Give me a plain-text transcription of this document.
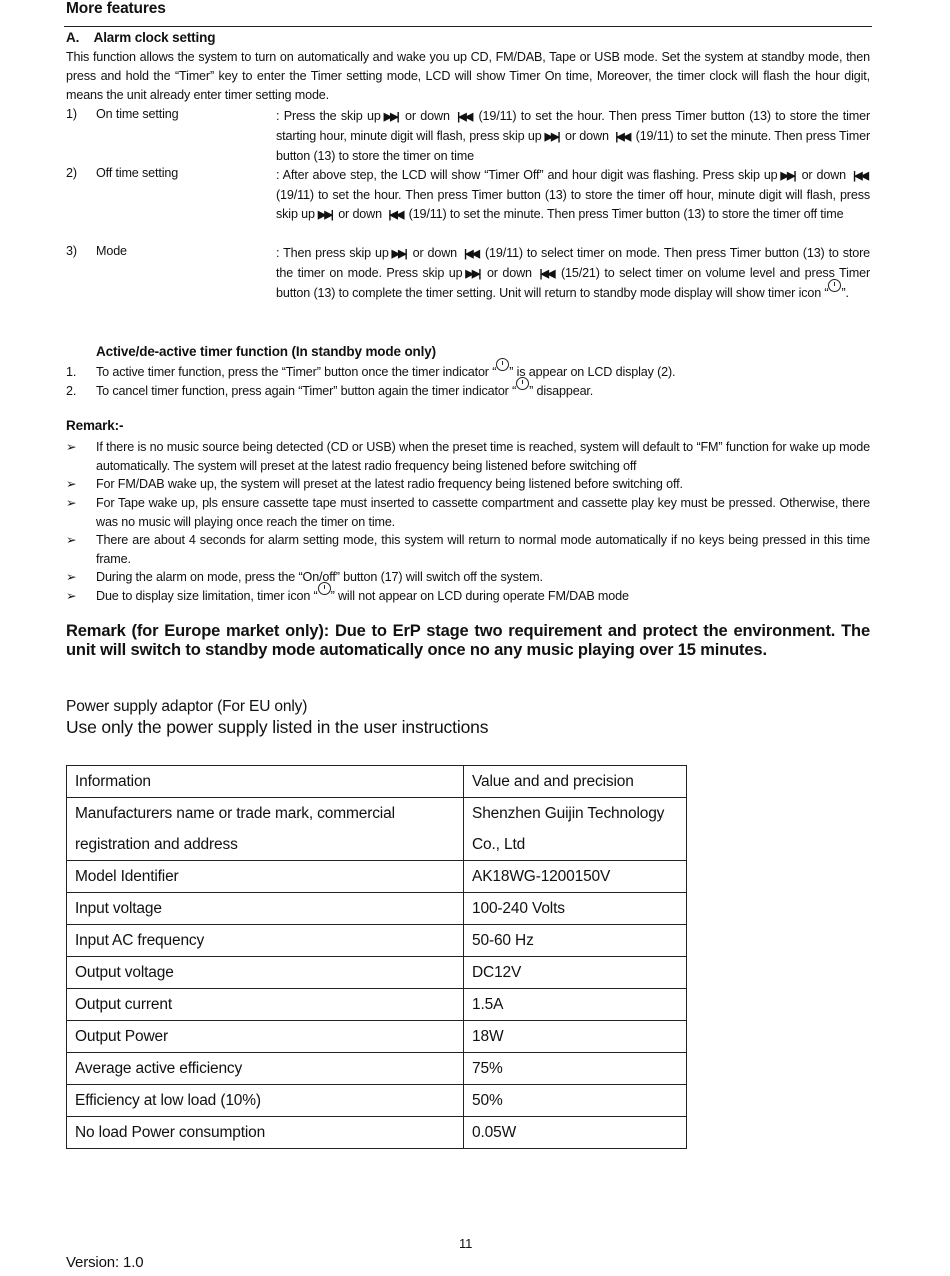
More features
A. Alarm clock setting
This function allows the system to turn on automatically and wake you up CD, FM/DAB, Tape or USB mode. Set the system at standby mode, then press and hold the “Timer” key to enter the Timer setting mode, LCD will show Timer On time, Moreover, the timer clock will flash the hour digit, means the unit already enter timer setting mode.
1) On time setting	: Press the skip up ▶▶| or down |◀◀ (19/11) to set the hour. Then press Timer button (13) to store the timer starting hour, minute digit will flash, press skip up ▶▶| or down |◀◀ (19/11) to set the minute. Then press Timer button (13) to store the timer on time
2) Off time setting	: After above step, the LCD will show “Timer Off” and hour digit was flashing. Press skip up ▶▶| or down |◀◀ (19/11) to set the hour. Then press Timer button (13) to store the timer off hour, minute digit will flash, press skip up ▶▶| or down |◀◀ (19/11) to set the minute. Then press Timer button (13) to store the timer off time
3) Mode	: Then press skip up ▶▶| or down |◀◀ (19/11) to select timer on mode. Then press Timer button (13) to store the timer on mode. Press skip up ▶▶| or down |◀◀ (15/21) to select timer on volume level and press Timer button (13) to complete the timer setting. Unit will return to standby mode display will show timer icon “ ”.
Active/de-active timer function (In standby mode only)
1. To active timer function, press the “Timer” button once the timer indicator “ ” is appear on LCD display (2).
2. To cancel timer function, press again “Timer” button again the timer indicator “ ” disappear.
Remark:-
➢ If there is no music source being detected (CD or USB) when the preset time is reached, system will default to “FM” function for wake up mode automatically. The system will preset at the latest radio frequency being listened before switching off
➢ For FM/DAB wake up, the system will preset at the latest radio frequency being listened before switching off.
➢ For Tape wake up, pls ensure cassette tape must inserted to cassette compartment and cassette play key must be pressed. Otherwise, there was no music will playing once reach the timer on time.
➢ There are about 4 seconds for alarm setting mode, this system will return to normal mode automatically if no keys being pressed in this time frame.
➢ During the alarm on mode, press the “On/off” button (17) will switch off the system.
➢ Due to display size limitation, timer icon “ ” will not appear on LCD during operate FM/DAB mode
Remark (for Europe market only): Due to ErP stage two requirement and protect the environment. The unit will switch to standby mode automatically once no any music playing over 15 minutes.
Power supply adaptor (For EU only)
Use only the power supply listed in the user instructions
Information	Value and and precision
Manufacturers name or trade mark, commercial registration and address	Shenzhen Guijin Technology Co., Ltd
Model Identifier	AK18WG-1200150V
Input voltage	100-240 Volts
Input AC frequency	50-60 Hz
Output voltage	DC12V
Output current	1.5A
Output Power	18W
Average active efficiency	75%
Efficiency at low load (10%)	50%
No load Power consumption	0.05W
11
Version: 1.0
